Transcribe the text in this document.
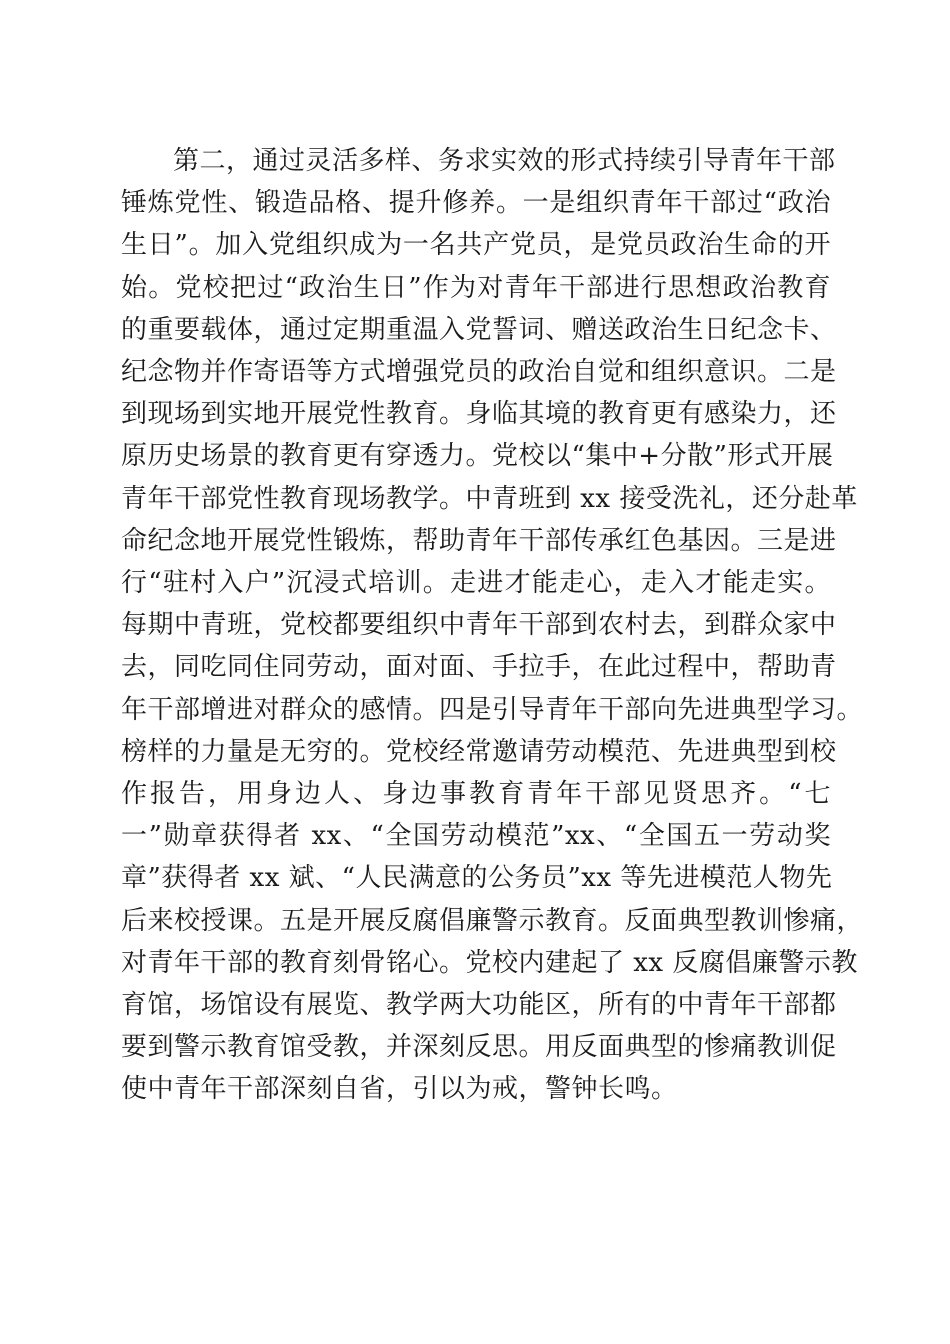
第二，通过灵活多样、务求实效的形式持续引导青年干部
锤炼党性、锻造品格、提升修养。一是组织青年干部过“政治
生日”。加入党组织成为一名共产党员，是党员政治生命的开
始。党校把过“政治生日”作为对青年干部进行思想政治教育
的重要载体，通过定期重温入党誓词、赠送政治生日纪念卡、
纪念物并作寄语等方式增强党员的政治自觉和组织意识。二是
到现场到实地开展党性教育。身临其境的教育更有感染力，还
原历史场景的教育更有穿透力。党校以“集中+分散”形式开展
青年干部党性教育现场教学。中青班到 xx 接受洗礼，还分赴革
命纪念地开展党性锻炼，帮助青年干部传承红色基因。三是进
行“驻村入户”沉浸式培训。走进才能走心，走入才能走实。
每期中青班，党校都要组织中青年干部到农村去，到群众家中
去，同吃同住同劳动，面对面、手拉手，在此过程中，帮助青
年干部增进对群众的感情。四是引导青年干部向先进典型学习。
榜样的力量是无穷的。党校经常邀请劳动模范、先进典型到校
作报告，用身边人、身边事教育青年干部见贤思齐。“七
一”勋章获得者 xx、“全国劳动模范”xx、“全国五一劳动奖
章”获得者 xx 斌、“人民满意的公务员”xx 等先进模范人物先
后来校授课。五是开展反腐倡廉警示教育。反面典型教训惨痛，
对青年干部的教育刻骨铭心。党校内建起了 xx 反腐倡廉警示教
育馆，场馆设有展览、教学两大功能区，所有的中青年干部都
要到警示教育馆受教，并深刻反思。用反面典型的惨痛教训促
使中青年干部深刻自省，引以为戒，警钟长鸣。
